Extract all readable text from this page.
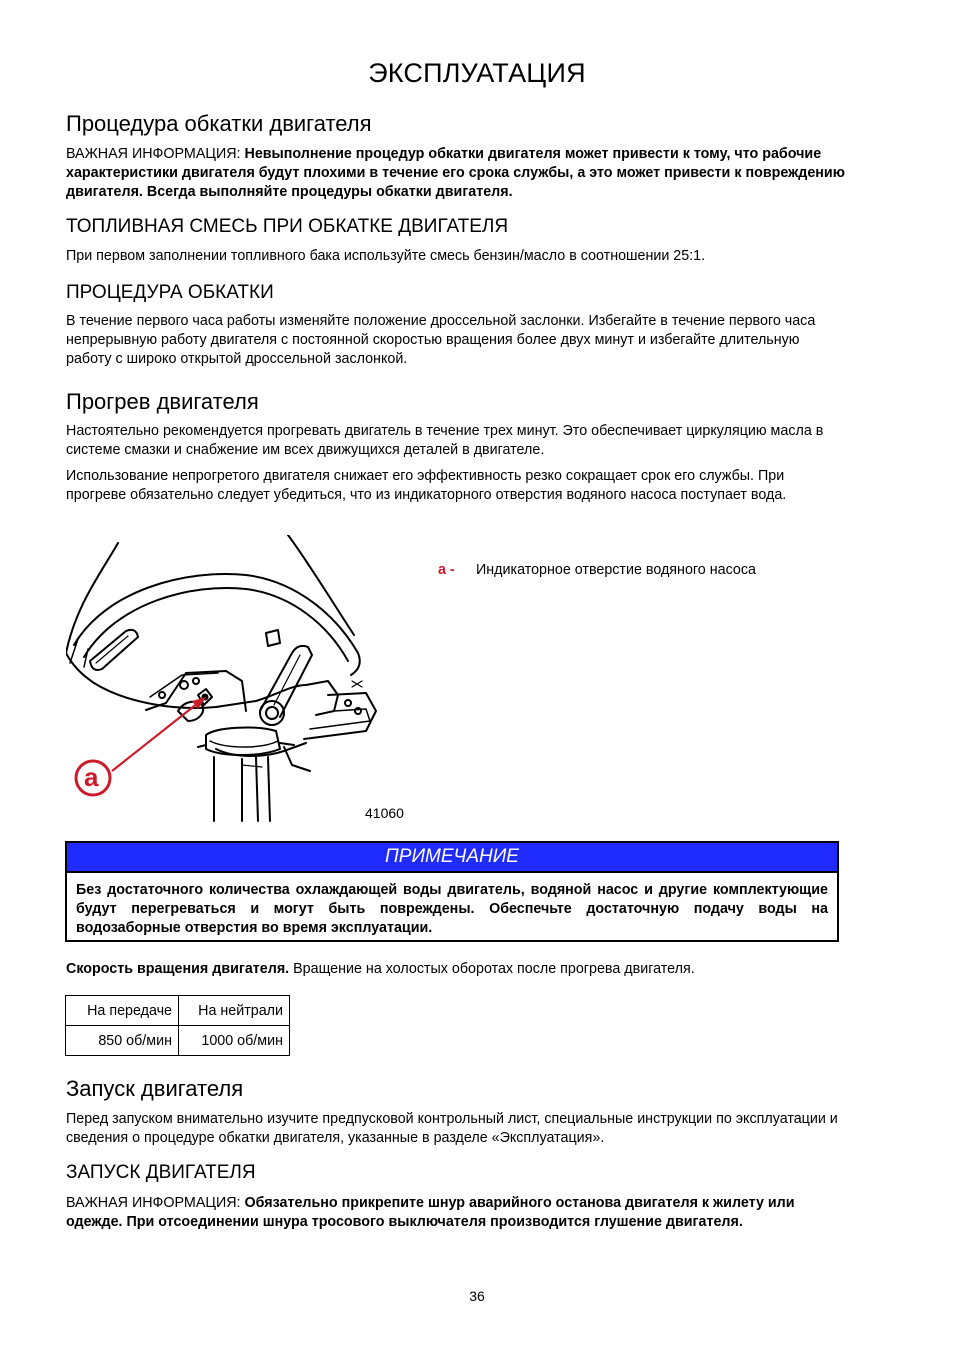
ЭКСПЛУАТАЦИЯ
Процедура обкатки двигателя

ВАЖНАЯ ИНФОРМАЦИЯ: Невыполнение процедур обкатки двигателя может привести к тому, что рабочие характеристики двигателя будут плохими в течение его срока службы, а это может привести к повреждению двигателя. Всегда выполняйте процедуры обкатки двигателя.

ТОПЛИВНАЯ СМЕСЬ ПРИ ОБКАТКЕ ДВИГАТЕЛЯ

При первом заполнении топливного бака используйте смесь бензин/масло в соотношении 25:1.

ПРОЦЕДУРА ОБКАТКИ

В течение первого часа работы изменяйте положение дроссельной заслонки. Избегайте в течение первого часа непрерывную работу двигателя с постоянной скоростью вращения более двух минут и избегайте длительную работу с широко открытой дроссельной заслонкой.

Прогрев двигателя

Настоятельно рекомендуется прогревать двигатель в течение трех минут. Это обеспечивает циркуляцию масла в системе смазки и снабжение им всех движущихся деталей в двигателе.

Использование непрогретого двигателя снижает его эффективность резко сокращает срок его службы. При прогреве обязательно следует убедиться, что из индикаторного отверстия водяного насоса поступает вода.

a
41060
a - Индикаторное отверстие водяного насоса
ПРИМЕЧАНИЕ
Без достаточного количества охлаждающей воды двигатель, водяной насос и другие комплектующие будут перегреваться и могут быть повреждены. Обеспечьте достаточную подачу воды на водозаборные отверстия во время эксплуатации.

Скорость вращения двигателя. Вращение на холостых оборотах после прогрева двигателя.

На передаче	На нейтрали
850 об/мин	1000 об/мин
Запуск двигателя

Перед запуском внимательно изучите предпусковой контрольный лист, специальные инструкции по эксплуатации и сведения о процедуре обкатки двигателя, указанные в разделе «Эксплуатация».

ЗАПУСК ДВИГАТЕЛЯ

ВАЖНАЯ ИНФОРМАЦИЯ: Обязательно прикрепите шнур аварийного останова двигателя к жилету или одежде. При отсоединении шнура тросового выключателя производится глушение двигателя.

36
